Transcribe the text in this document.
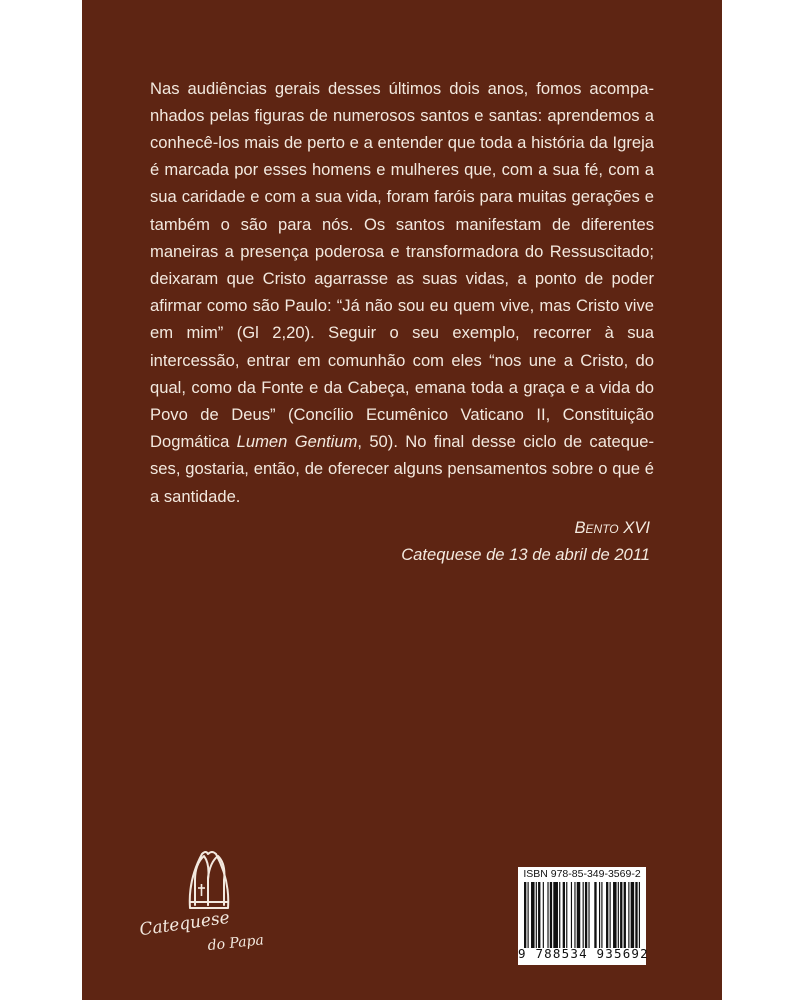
Nas audiências gerais desses últimos dois anos, fomos acompanhados pelas figuras de numerosos santos e santas: aprendemos a conhecê-los mais de perto e a entender que toda a história da Igreja é marcada por esses homens e mulheres que, com a sua fé, com a sua caridade e com a sua vida, foram faróis para muitas gerações e também o são para nós. Os santos manifestam de diferentes maneiras a presença poderosa e transformadora do Ressuscitado; deixaram que Cristo agarrasse as suas vidas, a ponto de poder afirmar como são Paulo: “Já não sou eu quem vive, mas Cristo vive em mim” (Gl 2,20). Seguir o seu exemplo, recorrer à sua intercessão, entrar em comunhão com eles “nos une a Cristo, do qual, como da Fonte e da Cabeça, emana toda a graça e a vida do Povo de Deus” (Concílio Ecumênico Vaticano II, Constituição Dogmática Lumen Gentium, 50). No final desse ciclo de catequeses, gostaria, então, de oferecer alguns pensamentos sobre o que é a santidade.

Bento XVI
Catequese de 13 de abril de 2011
Catequese
do Papa
ISBN 978-85-349-3569-2
9 788534 935692
